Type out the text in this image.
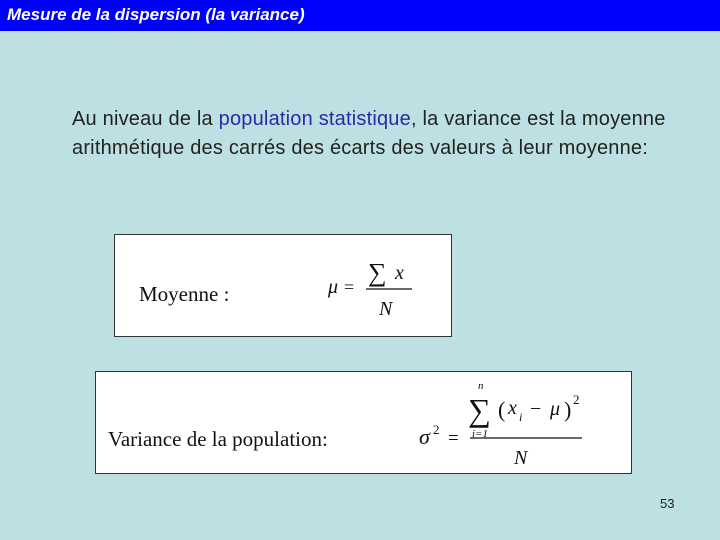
Mesure de la dispersion (la variance)
Au niveau de la population statistique, la variance est la moyenne arithmétique des carrés des écarts des valeurs à leur moyenne:
Moyenne :	μ = ∑ x
N
Variance de la population:	σ 2 =
n
∑
i=1
( x i − μ ) 2
N
53
